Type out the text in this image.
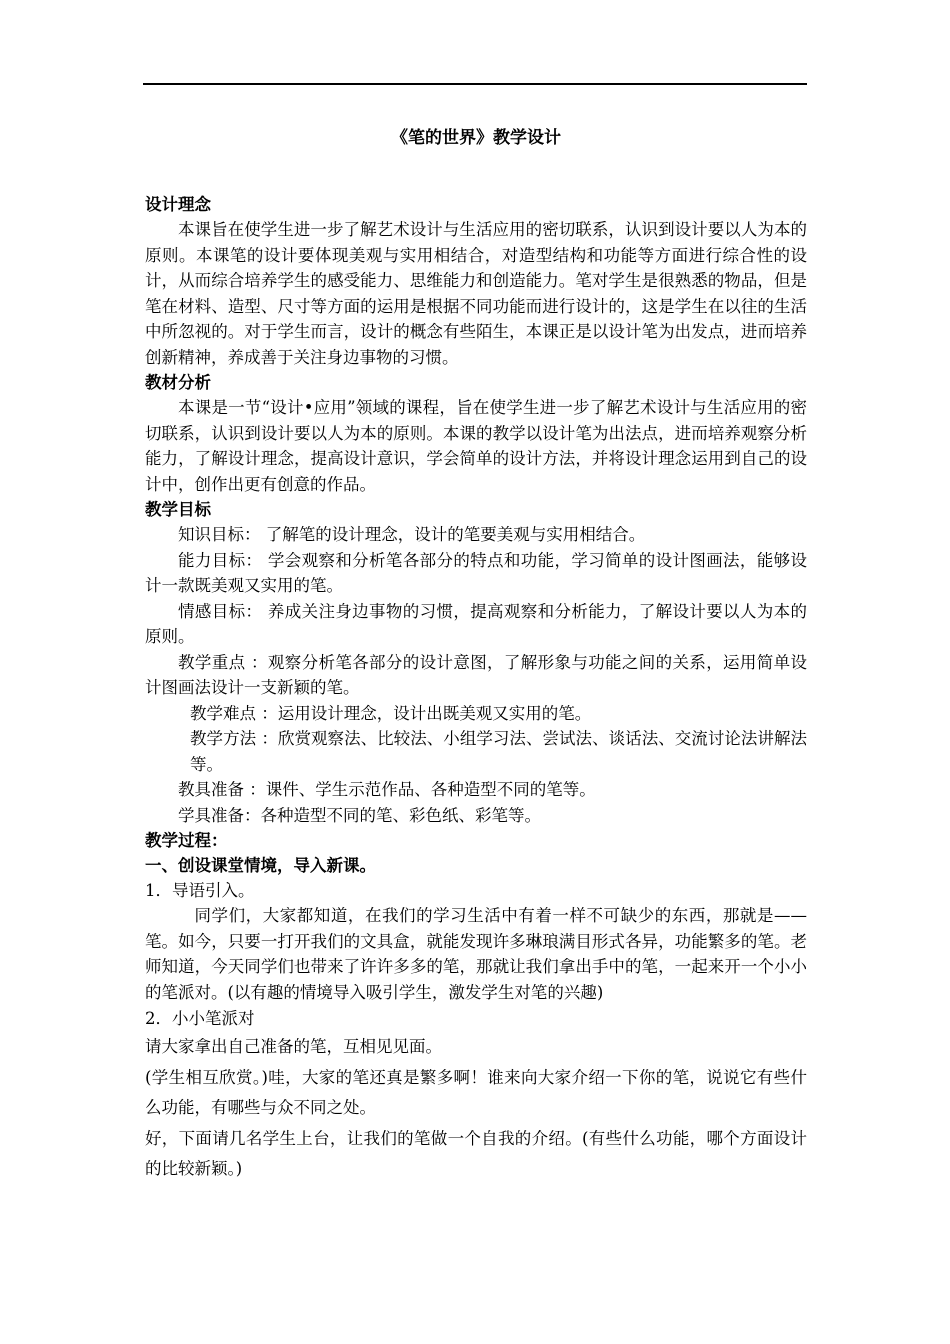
《笔的世界》教学设计
设计理念

本课旨在使学生进一步了解艺术设计与生活应用的密切联系，认识到设计要以人为本的原则。本课笔的设计要体现美观与实用相结合，对造型结构和功能等方面进行综合性的设计，从而综合培养学生的感受能力、思维能力和创造能力。笔对学生是很熟悉的物品，但是笔在材料、造型、尺寸等方面的运用是根据不同功能而进行设计的，这是学生在以往的生活中所忽视的。对于学生而言，设计的概念有些陌生，本课正是以设计笔为出发点，进而培养创新精神，养成善于关注身边事物的习惯。

教材分析

本课是一节“设计•应用”领域的课程，旨在使学生进一步了解艺术设计与生活应用的密切联系，认识到设计要以人为本的原则。本课的教学以设计笔为出法点，进而培养观察分析能力，了解设计理念，提高设计意识，学会简单的设计方法，并将设计理念运用到自己的设计中，创作出更有创意的作品。

教学目标

知识目标： 了解笔的设计理念，设计的笔要美观与实用相结合。

能力目标： 学会观察和分析笔各部分的特点和功能，学习简单的设计图画法，能够设计一款既美观又实用的笔。

情感目标： 养成关注身边事物的习惯，提高观察和分析能力，了解设计要以人为本的原则。

教学重点 ：观察分析笔各部分的设计意图，了解形象与功能之间的关系，运用简单设计图画法设计一支新颖的笔。

教学难点 ：运用设计理念，设计出既美观又实用的笔。

教学方法 ：欣赏观察法、比较法、小组学习法、尝试法、谈话法、交流讨论法讲解法等。

教具准备 ：课件、学生示范作品、各种造型不同的笔等。

学具准备：各种造型不同的笔、彩色纸、彩笔等。

教学过程：
一、创设课堂情境，导入新课。

1．导语引入。

同学们，大家都知道，在我们的学习生活中有着一样不可缺少的东西，那就是——笔。如今，只要一打开我们的文具盒，就能发现许多琳琅满目形式各异，功能繁多的笔。老师知道，今天同学们也带来了许许多多的笔，那就让我们拿出手中的笔，一起来开一个小小的笔派对。(以有趣的情境导入吸引学生，激发学生对笔的兴趣)

2．小小笔派对

请大家拿出自己准备的笔，互相见见面。

(学生相互欣赏。)哇，大家的笔还真是繁多啊！谁来向大家介绍一下你的笔，说说它有些什么功能，有哪些与众不同之处。

好，下面请几名学生上台，让我们的笔做一个自我的介绍。(有些什么功能，哪个方面设计的比较新颖。)
